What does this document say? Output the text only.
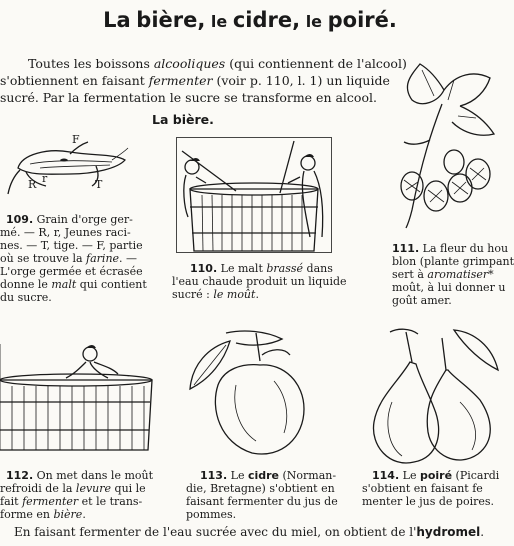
La bière, le cidre, le poiré.

Toutes les boissons alcooliques (qui contiennent de l'alcool)

s'obtiennent en faisant fermenter (voir p. 110, l. 1) un liquide

sucré. Par la fermentation le sucre se transforme en alcool.

La bière.
F
R r	T

109. Grain d'orge ger-

mé. — R, r, Jeunes raci-

nes. — T, tige. — F, partie

où se trouve la farine. —

L'orge germée et écrasée

donne le malt qui contient

du sucre.

110. Le malt brassé dans

l'eau chaude produit un liquide

sucré : le moût.

111. La fleur du hou

blon (plante grimpant

sert à aromatiser*

moût, à lui donner u

goût amer.

112. On met dans le moût

refroidi de la levure qui le

fait fermenter et le trans-

forme en bière.

113. Le cidre (Norman-

die, Bretagne) s'obtient en

faisant fermenter du jus de

pommes.

114. Le poiré (Picardi

s'obtient en faisant fe

menter le jus de poires.

En faisant fermenter de l'eau sucrée avec du miel, on obtient de l'hydromel.
